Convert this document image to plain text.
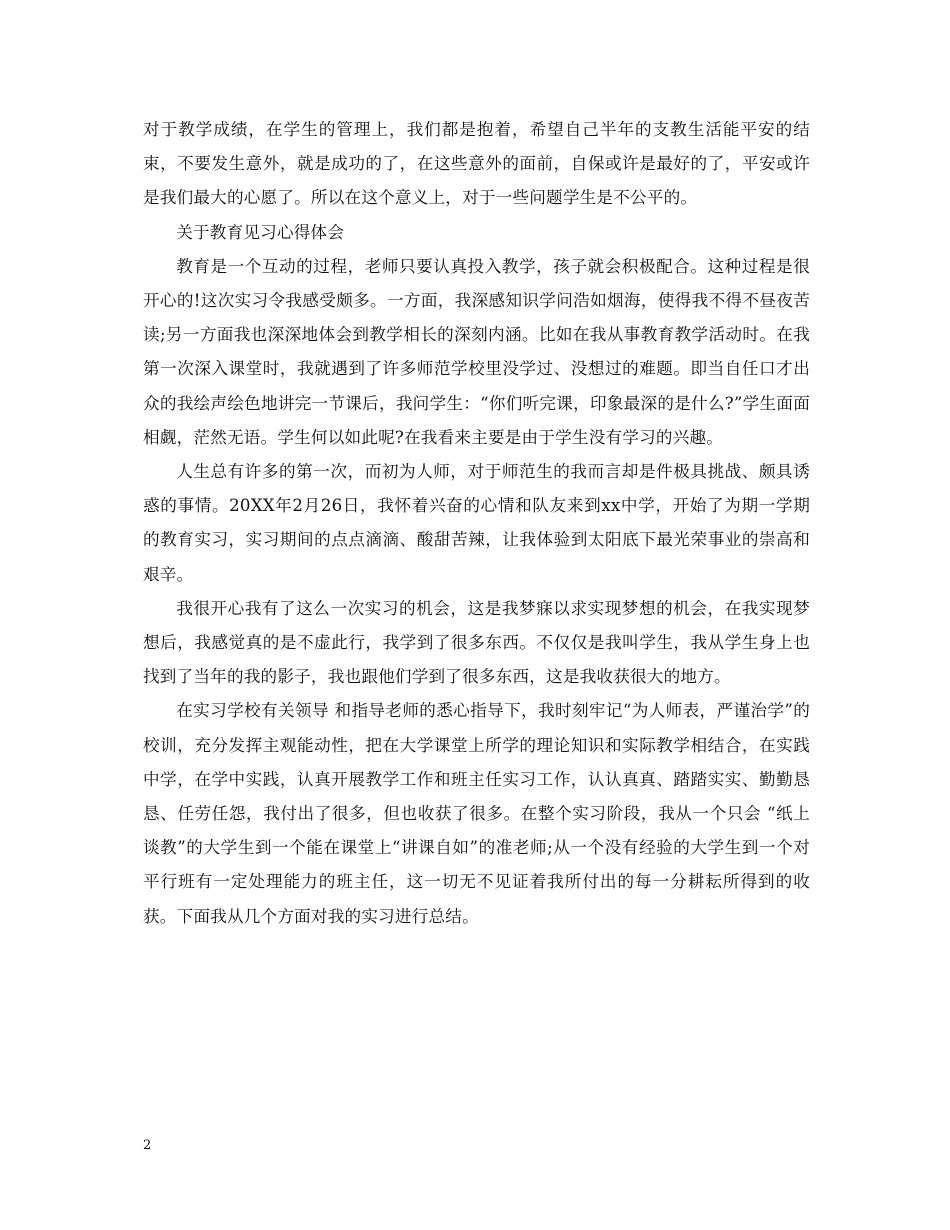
对于教学成绩，在学生的管理上，我们都是抱着，希望自己半年的支教生活能平安的结束，不要发生意外，就是成功的了，在这些意外的面前，自保或许是最好的了，平安或许是我们最大的心愿了。所以在这个意义上，对于一些问题学生是不公平的。

关于教育见习心得体会

教育是一个互动的过程，老师只要认真投入教学，孩子就会积极配合。这种过程是很开心的!这次实习令我感受颇多。一方面，我深感知识学问浩如烟海，使得我不得不昼夜苦读;另一方面我也深深地体会到教学相长的深刻内涵。比如在我从事教育教学活动时。在我第一次深入课堂时，我就遇到了许多师范学校里没学过、没想过的难题。即当自任口才出众的我绘声绘色地讲完一节课后，我问学生：“你们听完课，印象最深的是什么?”学生面面相觑，茫然无语。学生何以如此呢?在我看来主要是由于学生没有学习的兴趣。

人生总有许多的第一次，而初为人师，对于师范生的我而言却是件极具挑战、颇具诱惑的事情。20XX年2月26日，我怀着兴奋的心情和队友来到xx中学，开始了为期一学期的教育实习，实习期间的点点滴滴、酸甜苦辣，让我体验到太阳底下最光荣事业的崇高和艰辛。

我很开心我有了这么一次实习的机会，这是我梦寐以求实现梦想的机会，在我实现梦想后，我感觉真的是不虚此行，我学到了很多东西。不仅仅是我叫学生，我从学生身上也找到了当年的我的影子，我也跟他们学到了很多东西，这是我收获很大的地方。

在实习学校有关领导 和指导老师的悉心指导下，我时刻牢记“为人师表，严谨治学”的校训，充分发挥主观能动性，把在大学课堂上所学的理论知识和实际教学相结合，在实践中学，在学中实践，认真开展教学工作和班主任实习工作，认认真真、踏踏实实、勤勤恳恳、任劳任怨，我付出了很多，但也收获了很多。在整个实习阶段，我从一个只会 “纸上谈教”的大学生到一个能在课堂上“讲课自如”的准老师;从一个没有经验的大学生到一个对平行班有一定处理能力的班主任，这一切无不见证着我所付出的每一分耕耘所得到的收获。下面我从几个方面对我的实习进行总结。

2
